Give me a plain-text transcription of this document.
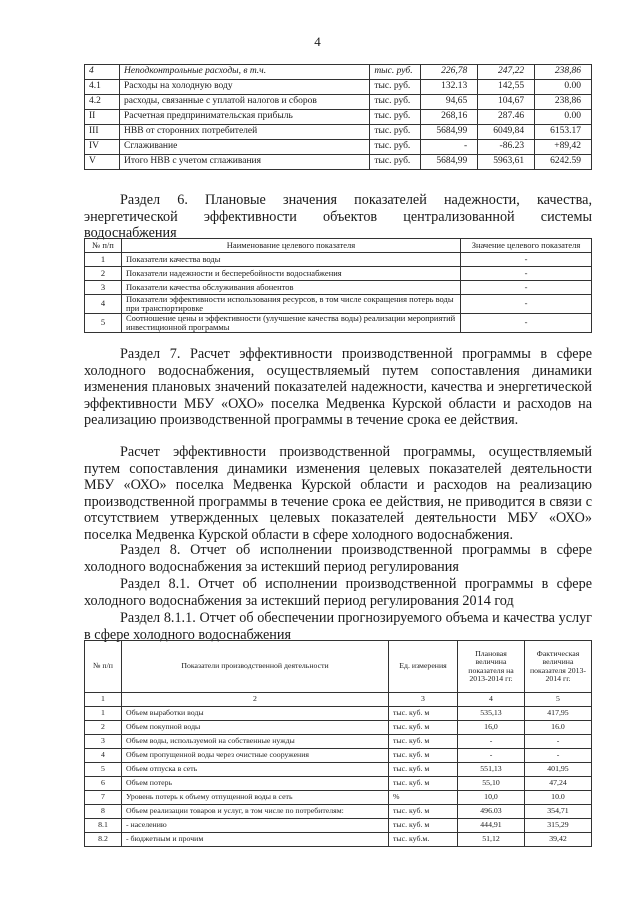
4
4	Неподконтрольные расходы, в т.ч.	тыс. руб.	226,78	247,22	238,86
4.1	Расходы на холодную воду	тыс. руб.	132.13	142,55	0.00
4.2	расходы, связанные с уплатой налогов и сборов	тыс. руб.	94,65	104,67	238,86
II	Расчетная предпринимательская прибыль	тыс. руб.	268,16	287.46	0.00
III	НВВ от сторонних потребителей	тыс. руб.	5684,99	6049,84	6153.17
IV	Сглаживание	тыс. руб.	-	-86.23	+89,42
V	Итого НВВ с учетом сглаживания	тыс. руб.	5684,99	5963,61	6242.59
Раздел 6. Плановые значения показателей надежности, качества, энергетической эффективности объектов централизованной системы водоснабжения
№ п/п	Наименование целевого показателя	Значение целевого показателя
1	Показатели качества воды	-
2	Показатели надежности и бесперебойности водоснабжения	-
3	Показатели качества обслуживания абонентов	-
4	Показатели эффективности использования ресурсов, в том числе сокращения потерь воды при транспортировке	-
5	Соотношение цены и эффективности (улучшение качества воды) реализации мероприятий инвестиционной программы	-
Раздел 7. Расчет эффективности производственной программы в сфере холодного водоснабжения, осуществляемый путем сопоставления динамики изменения плановых значений показателей надежности, качества и энергетической эффективности МБУ «ОХО» поселка Медвенка Курской области и расходов на реализацию производственной программы в течение срока ее действия.
Расчет эффективности производственной программы, осуществляемый путем сопоставления динамики изменения целевых показателей деятельности МБУ «ОХО» поселка Медвенка Курской области и расходов на реализацию производственной программы в течение срока ее действия, не приводится в связи с отсутствием утвержденных целевых показателей деятельности МБУ «ОХО» поселка Медвенка Курской области в сфере холодного водоснабжения.
Раздел 8. Отчет об исполнении производственной программы в сфере холодного водоснабжения за истекший период регулирования
Раздел 8.1. Отчет об исполнении производственной программы в сфере холодного водоснабжения за истекший период регулирования 2014 год
Раздел 8.1.1. Отчет об обеспечении прогнозируемого объема и качества услуг в сфере холодного водоснабжения
№ п/п	Показатели производственной деятельности	Ед. измерения	Плановая величина показателя на 2013-2014 гг.	Фактическая величина показателя 2013- 2014 гг.
1	2	3	4	5
1	Объем выработки воды	тыс. куб. м	535,13	417,95
2	Объем покупной воды	тыс. куб. м	16,0	16.0
3	Объем воды, используемой на собственные нужды	тыс. куб. м	-	-
4	Объем пропущенной воды через очистные сооружения	тыс. куб. м	-	-
5	Объем отпуска в сеть	тыс. куб. м	551,13	401,95
6	Объем потерь	тыс. куб. м	55,10	47,24
7	Уровень потерь к объему отпущенной воды в сеть	%	10,0	10.0
8	Объем реализации товаров и услуг, в том числе по потребителям:	тыс. куб. м	496.03	354,71
8.1	- населению	тыс. куб. м	444,91	315,29
8.2	- бюджетным и прочим	тыс. куб.м.	51,12	39,42
